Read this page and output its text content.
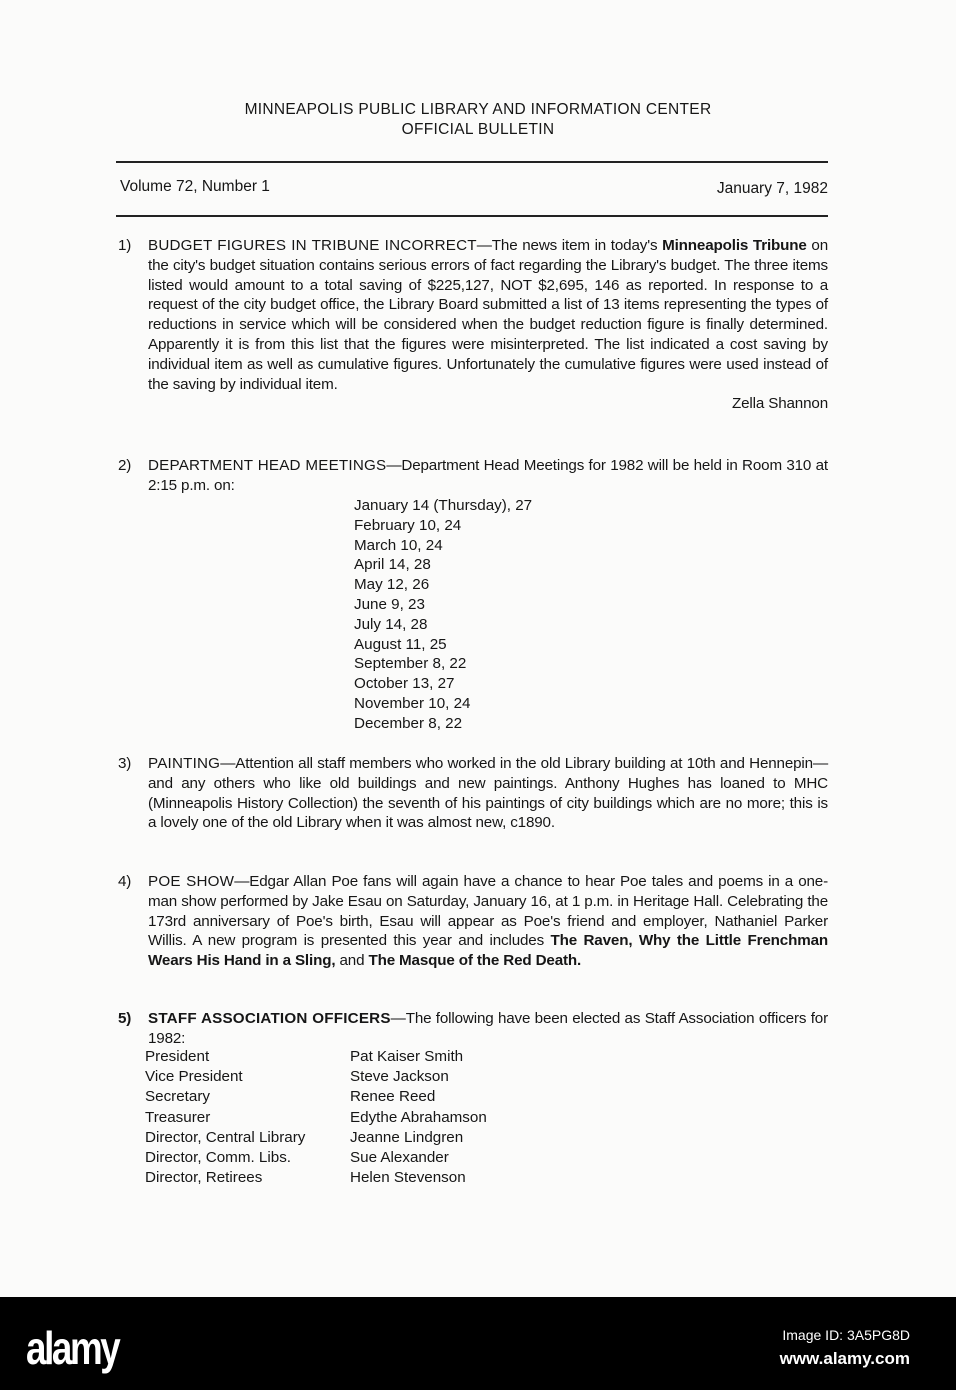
MINNEAPOLIS PUBLIC LIBRARY AND INFORMATION CENTER
OFFICIAL BULLETIN
Volume 72, Number 1	January 7, 1982
1) BUDGET FIGURES IN TRIBUNE INCORRECT—The news item in today's Minneapolis Tribune on the city's budget situation contains serious errors of fact regarding the Library's budget. The three items listed would amount to a total saving of $225,127, NOT $2,695, 146 as reported. In response to a request of the city budget office, the Library Board submitted a list of 13 items representing the types of reductions in service which will be considered when the budget reduction figure is finally determined. Apparently it is from this list that the figures were misinterpreted. The list indicated a cost saving by individual item as well as cumulative figures. Unfortunately the cumulative figures were used instead of the saving by individual item.
Zella Shannon
2) DEPARTMENT HEAD MEETINGS—Department Head Meetings for 1982 will be held in Room 310 at 2:15 p.m. on:
January 14 (Thursday), 27
February 10, 24
March 10, 24
April 14, 28
May 12, 26
June 9, 23
July 14, 28
August 11, 25
September 8, 22
October 13, 27
November 10, 24
December 8, 22
3) PAINTING—Attention all staff members who worked in the old Library building at 10th and Hennepin—and any others who like old buildings and new paintings. Anthony Hughes has loaned to MHC (Minneapolis History Collection) the seventh of his paintings of city buildings which are no more; this is a lovely one of the old Library when it was almost new, c1890.
4) POE SHOW—Edgar Allan Poe fans will again have a chance to hear Poe tales and poems in a one-man show performed by Jake Esau on Saturday, January 16, at 1 p.m. in Heritage Hall. Celebrating the 173rd anniversary of Poe's birth, Esau will appear as Poe's friend and employer, Nathaniel Parker Willis. A new program is presented this year and includes The Raven, Why the Little Frenchman Wears His Hand in a Sling, and The Masque of the Red Death.
5) STAFF ASSOCIATION OFFICERS—The following have been elected as Staff Association officers for 1982:
President	Pat Kaiser Smith
Vice President	Steve Jackson
Secretary	Renee Reed
Treasurer	Edythe Abrahamson
Director, Central Library	Jeanne Lindgren
Director, Comm. Libs.	Sue Alexander
Director, Retirees	Helen Stevenson
alamy	Image ID: 3A5PG8D
www.alamy.com
